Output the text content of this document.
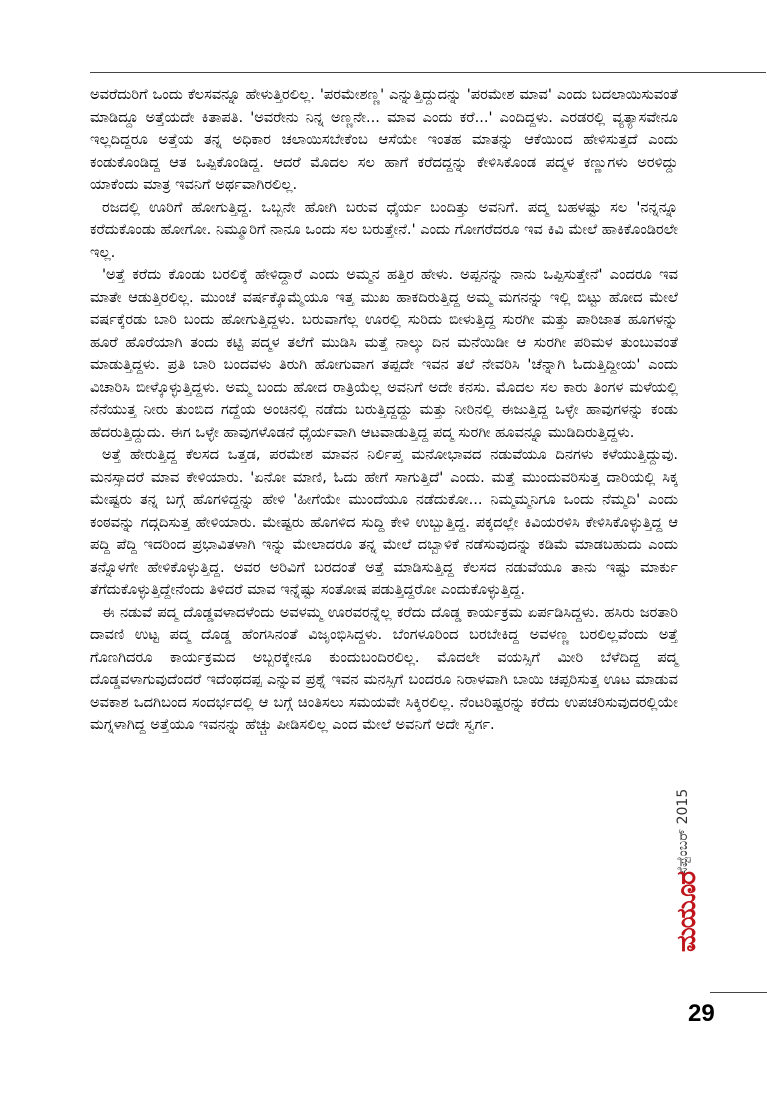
ಅವರೆದುರಿಗೆ ಒಂದು ಕೆಲಸವನ್ನೂ ಹೇಳುತ್ತಿರಲಿಲ್ಲ. 'ಪರಮೇಶಣ್ಣ' ಎನ್ನುತ್ತಿದ್ದುದನ್ನು 'ಪರಮೇಶ ಮಾವ' ಎಂದು ಬದಲಾಯಿಸುವಂತೆ ಮಾಡಿದ್ದೂ ಅತ್ತೆಯದೇ ಕಿತಾಪತಿ. 'ಅವರೇನು ನಿನ್ನ ಅಣ್ಣನೇ... ಮಾವ ಎಂದು ಕರೆ...' ಎಂದಿದ್ದಳು. ಎರಡರಲ್ಲಿ ವ್ಯತ್ಯಾಸವೇನೂ ಇಲ್ಲದಿದ್ದರೂ ಅತ್ತೆಯ ತನ್ನ ಅಧಿಕಾರ ಚಲಾಯಿಸಬೇಕೆಂಬ ಆಸೆಯೇ ಇಂತಹ ಮಾತನ್ನು ಆಕೆಯಿಂದ ಹೇಳಿಸುತ್ತದೆ ಎಂದು ಕಂಡುಕೊಂಡಿದ್ದ ಆತ ಒಪ್ಪಿಕೊಂಡಿದ್ದ. ಆದರೆ ಮೊದಲ ಸಲ ಹಾಗೆ ಕರೆದದ್ದನ್ನು ಕೇಳಿಸಿಕೊಂಡ ಪದ್ಮಳ ಕಣ್ಣುಗಳು ಅರಳಿದ್ದು ಯಾಕೆಂದು ಮಾತ್ರ ಇವನಿಗೆ ಅರ್ಥವಾಗಿರಲಿಲ್ಲ.

ರಜದಲ್ಲಿ ಊರಿಗೆ ಹೋಗುತ್ತಿದ್ದ. ಒಬ್ಬನೇ ಹೋಗಿ ಬರುವ ಧೈರ್ಯ ಬಂದಿತ್ತು ಅವನಿಗೆ. ಪದ್ಮ ಬಹಳಷ್ಟು ಸಲ 'ನನ್ನನ್ನೂ ಕರೆದುಕೊಂಡು ಹೋಗೋ. ನಿಮ್ಮೂರಿಗೆ ನಾನೂ ಒಂದು ಸಲ ಬರುತ್ತೇನೆ.' ಎಂದು ಗೋಗರೆದರೂ ಇವ ಕಿವಿ ಮೇಲೆ ಹಾಕಿಕೊಂಡಿರಲೇ ಇಲ್ಲ.

'ಅತ್ತೆ ಕರೆದು ಕೊಂಡು ಬರಲಿಕ್ಕೆ ಹೇಳಿದ್ದಾರೆ ಎಂದು ಅಮ್ಮನ ಹತ್ತಿರ ಹೇಳು. ಅಪ್ಪನನ್ನು ನಾನು ಒಪ್ಪಿಸುತ್ತೇನೆ' ಎಂದರೂ ಇವ ಮಾತೇ ಆಡುತ್ತಿರಲಿಲ್ಲ. ಮುಂಚೆ ವರ್ಷಕ್ಕೊಮ್ಮೆಯೂ ಇತ್ತ ಮುಖ ಹಾಕದಿರುತ್ತಿದ್ದ ಅಮ್ಮ ಮಗನನ್ನು ಇಲ್ಲಿ ಬಿಟ್ಟು ಹೋದ ಮೇಲೆ ವರ್ಷಕ್ಕೆರಡು ಬಾರಿ ಬಂದು ಹೋಗುತ್ತಿದ್ದಳು. ಬರುವಾಗೆಲ್ಲ ಊರಲ್ಲಿ ಸುರಿದು ಬೀಳುತ್ತಿದ್ದ ಸುರಗೀ ಮತ್ತು ಪಾರಿಜಾತ ಹೂಗಳನ್ನು ಹೂರೆ ಹೊರೆಯಾಗಿ ತಂದು ಕಟ್ಟಿ ಪದ್ಮಳ ತಲೆಗೆ ಮುಡಿಸಿ ಮತ್ತೆ ನಾಲ್ಕು ದಿನ ಮನೆಯಿಡೀ ಆ ಸುರಗೀ ಪರಿಮಳ ತುಂಬುವಂತೆ ಮಾಡುತ್ತಿದ್ದಳು. ಪ್ರತಿ ಬಾರಿ ಬಂದವಳು ತಿರುಗಿ ಹೋಗುವಾಗ ತಪ್ಪದೇ ಇವನ ತಲೆ ನೇವರಿಸಿ 'ಚೆನ್ನಾಗಿ ಓದುತ್ತಿದ್ದೀಯ' ಎಂದು ವಿಚಾರಿಸಿ ಬೀಳ್ಕೊಳ್ಳುತ್ತಿದ್ದಳು. ಅಮ್ಮ ಬಂದು ಹೋದ ರಾತ್ರಿಯೆಲ್ಲ ಅವನಿಗೆ ಅದೇ ಕನಸು. ಮೊದಲ ಸಲ ಕಾರು ತಿಂಗಳ ಮಳೆಯಲ್ಲಿ ನೆನೆಯುತ್ತ ನೀರು ತುಂಬಿದ ಗದ್ದೆಯ ಅಂಚಿನಲ್ಲಿ ನಡೆದು ಬರುತ್ತಿದ್ದದ್ದು ಮತ್ತು ನೀರಿನಲ್ಲಿ ಈಜುತ್ತಿದ್ದ ಒಳ್ಳೇ ಹಾವುಗಳನ್ನು ಕಂಡು ಹೆದರುತ್ತಿದ್ದುದು. ಈಗ ಒಳ್ಳೇ ಹಾವುಗಳೊಡನೆ ಧೈರ್ಯವಾಗಿ ಆಟವಾಡುತ್ತಿದ್ದ ಪದ್ಮ ಸುರಗೀ ಹೂವನ್ನೂ ಮುಡಿದಿರುತ್ತಿದ್ದಳು.

ಅತ್ತೆ ಹೇರುತ್ತಿದ್ದ ಕೆಲಸದ ಒತ್ತಡ, ಪರಮೇಶ ಮಾವನ ನಿರ್ಲಿಪ್ತ ಮನೋಭಾವದ ನಡುವೆಯೂ ದಿನಗಳು ಕಳೆಯುತ್ತಿದ್ದುವು. ಮನಸ್ಸಾದರೆ ಮಾವ ಕೇಳಿಯಾರು. 'ಏನೋ ಮಾಣಿ, ಓದು ಹೇಗೆ ಸಾಗುತ್ತಿದೆ' ಎಂದು. ಮತ್ತೆ ಮುಂದುವರಿಸುತ್ತ ದಾರಿಯಲ್ಲಿ ಸಿಕ್ಕ ಮೇಷ್ಟರು ತನ್ನ ಬಗ್ಗೆ ಹೊಗಳಿದ್ದನ್ನು ಹೇಳಿ 'ಹೀಗೆಯೇ ಮುಂದೆಯೂ ನಡೆದುಕೋ... ನಿಮ್ಮಮ್ಮನಿಗೂ ಒಂದು ನೆಮ್ಮದಿ' ಎಂದು ಕಂಠವನ್ನು ಗದ್ಗದಿಸುತ್ತ ಹೇಳಿಯಾರು. ಮೇಷ್ಟರು ಹೊಗಳಿದ ಸುದ್ದಿ ಕೇಳಿ ಉಬ್ಬುತ್ತಿದ್ದ. ಪಕ್ಕದಲ್ಲೇ ಕಿವಿಯರಳಿಸಿ ಕೇಳಿಸಿಕೊಳ್ಳುತ್ತಿದ್ದ ಆ ಪದ್ದಿ ಪೆದ್ದಿ ಇದರಿಂದ ಪ್ರಭಾವಿತಳಾಗಿ ಇನ್ನು ಮೇಲಾದರೂ ತನ್ನ ಮೇಲೆ ದಬ್ಬಾಳಿಕೆ ನಡೆಸುವುದನ್ನು ಕಡಿಮೆ ಮಾಡಬಹುದು ಎಂದು ತನ್ನೊಳಗೇ ಹೇಳಿಕೊಳ್ಳುತ್ತಿದ್ದ. ಅವರ ಅರಿವಿಗೆ ಬರದಂತೆ ಅತ್ತೆ ಮಾಡಿಸುತ್ತಿದ್ದ ಕೆಲಸದ ನಡುವೆಯೂ ತಾನು ಇಷ್ಟು ಮಾರ್ಕು ತೆಗೆದುಕೊಳ್ಳುತ್ತಿದ್ದೇನೆಂದು ತಿಳಿದರೆ ಮಾವ ಇನ್ನೆಷ್ಟು ಸಂತೋಷ ಪಡುತ್ತಿದ್ದರೋ ಎಂದುಕೊಳ್ಳುತ್ತಿದ್ದ.

ಈ ನಡುವೆ ಪದ್ಮ ದೊಡ್ಡವಳಾದಳೆಂದು ಅವಳಮ್ಮ ಊರವರನ್ನೆಲ್ಲ ಕರೆದು ದೊಡ್ಡ ಕಾರ್ಯಕ್ರಮ ಏರ್ಪಡಿಸಿದ್ದಳು. ಹಸಿರು ಜರತಾರಿ ದಾವಣಿ ಉಟ್ಟ ಪದ್ಮ ದೊಡ್ಡ ಹೆಂಗಸಿನಂತೆ ವಿಜೃಂಭಿಸಿದ್ದಳು. ಬೆಂಗಳೂರಿಂದ ಬರಬೇಕಿದ್ದ ಅವಳಣ್ಣ ಬರಲಿಲ್ಲವೆಂದು ಅತ್ತೆ ಗೊಣಗಿದರೂ ಕಾರ್ಯಕ್ರಮದ ಅಬ್ಬರಕ್ಕೇನೂ ಕುಂದುಬಂದಿರಲಿಲ್ಲ. ಮೊದಲೇ ವಯಸ್ಸಿಗೆ ಮೀರಿ ಬೆಳೆದಿದ್ದ ಪದ್ಮ ದೊಡ್ಡವಳಾಗುವುದೆಂದರೆ ಇದೆಂಥದಪ್ಪ ಎನ್ನುವ ಪ್ರಶ್ನೆ ಇವನ ಮನಸ್ಸಿಗೆ ಬಂದರೂ ನಿರಾಳವಾಗಿ ಬಾಯಿ ಚಪ್ಪರಿಸುತ್ತ ಊಟ ಮಾಡುವ ಅವಕಾಶ ಒದಗಿಬಂದ ಸಂದರ್ಭದಲ್ಲಿ ಆ ಬಗ್ಗೆ ಚಿಂತಿಸಲು ಸಮಯವೇ ಸಿಕ್ಕಿರಲಿಲ್ಲ. ನೆಂಟರಿಷ್ಟರನ್ನು ಕರೆದು ಉಪಚರಿಸುವುದರಲ್ಲಿಯೇ ಮಗ್ನಳಾಗಿದ್ದ ಅತ್ತೆಯೂ ಇವನನ್ನು ಹೆಚ್ಚು ಪೀಡಿಸಲಿಲ್ಲ ಎಂದ ಮೇಲೆ ಅವನಿಗೆ ಅದೇ ಸ್ವರ್ಗ.

ಸೆಪ್ಟೆಂಬರ್ 2015
ಮಯೂರ
29
